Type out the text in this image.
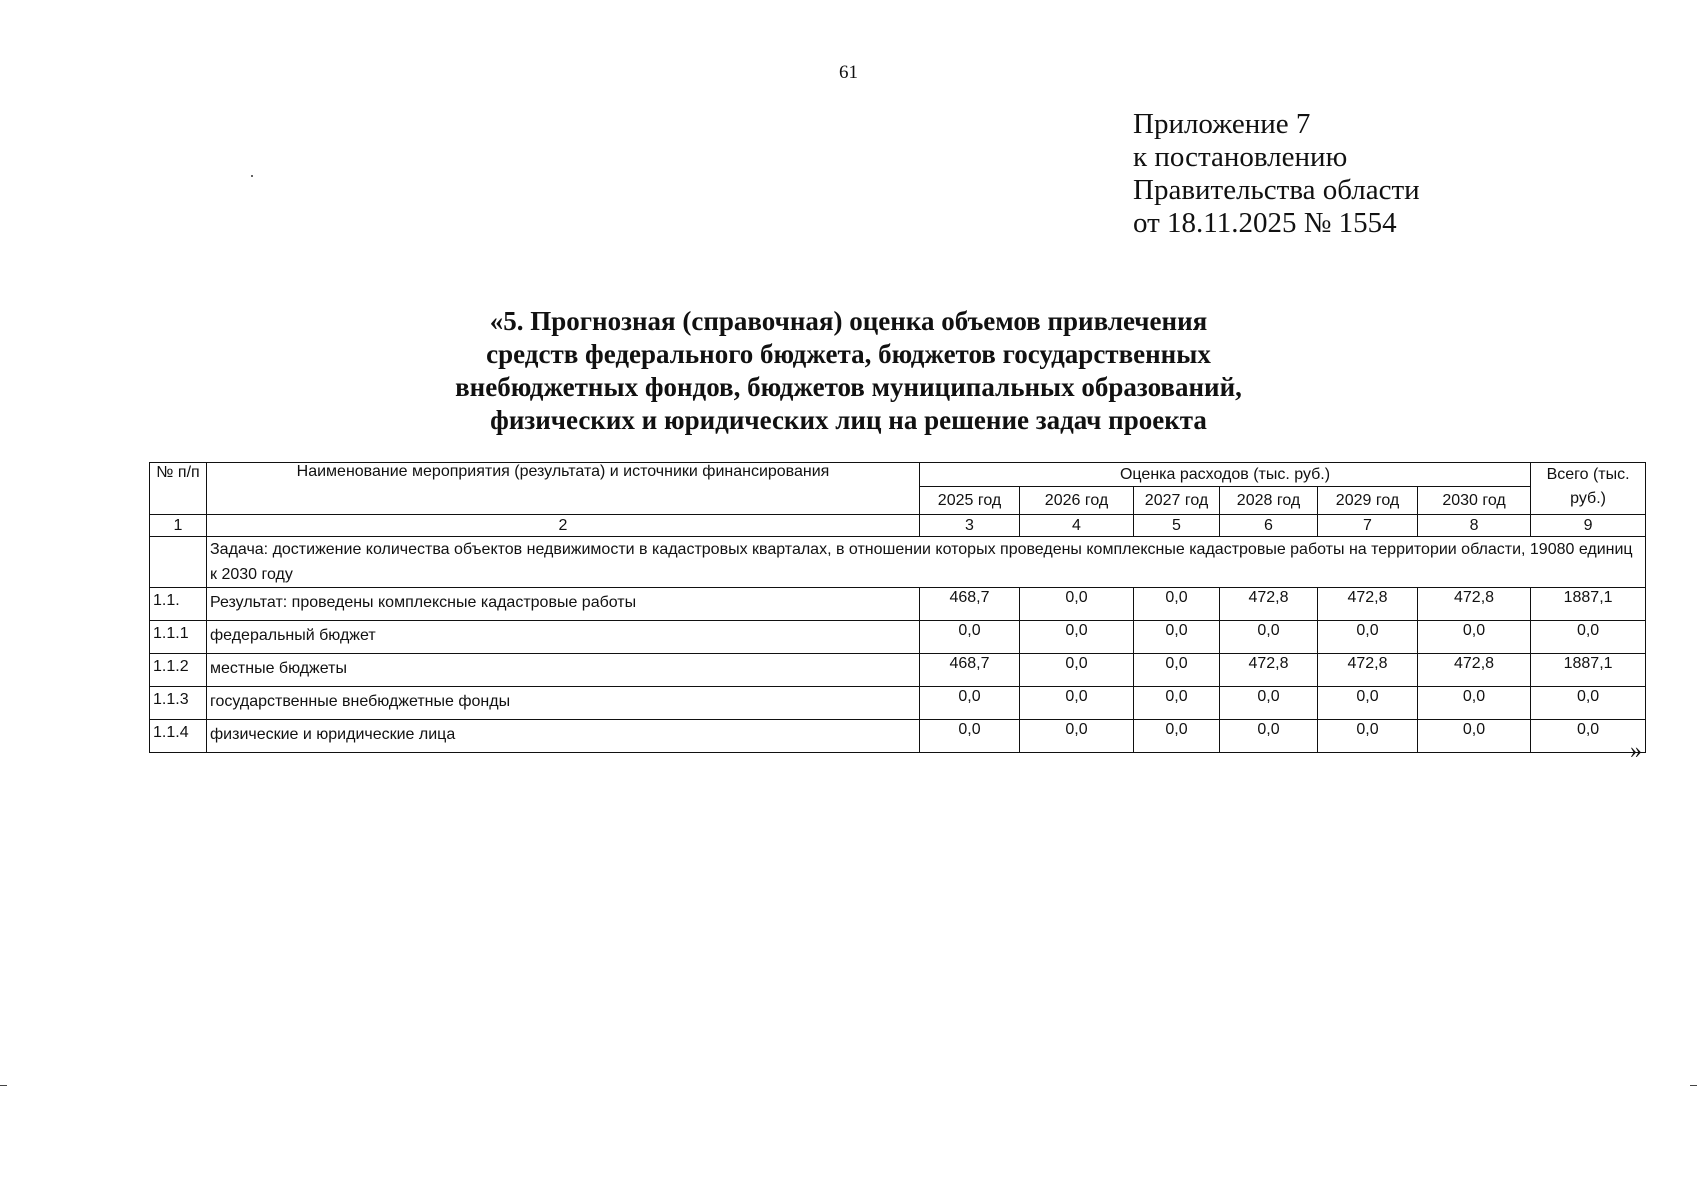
61
Приложение 7
к постановлению
Правительства области
от 18.11.2025 № 1554
«5. Прогнозная (справочная) оценка объемов привлечения
средств федерального бюджета, бюджетов государственных
внебюджетных фондов, бюджетов муниципальных образований,
физических и юридических лиц на решение задач проекта
№ п/п	Наименование мероприятия (результата) и источники финансирования	Оценка расходов (тыс. руб.)						Всего (тыс. руб.)
		2025 год	2026 год	2027 год	2028 год	2029 год	2030 год	
1	2	3	4	5	6	7	8	9
	Задача: достижение количества объектов недвижимости в кадастровых кварталах, в отношении которых проведены комплексные кадастровые работы на территории области, 19080 единиц к 2030 году							
1.1.	Результат: проведены комплексные кадастровые работы	468,7	0,0	0,0	472,8	472,8	472,8	1887,1
1.1.1	федеральный бюджет	0,0	0,0	0,0	0,0	0,0	0,0	0,0
1.1.2	местные бюджеты	468,7	0,0	0,0	472,8	472,8	472,8	1887,1
1.1.3	государственные внебюджетные фонды	0,0	0,0	0,0	0,0	0,0	0,0	0,0
1.1.4	физические и юридические лица	0,0	0,0	0,0	0,0	0,0	0,0	0,0
»
